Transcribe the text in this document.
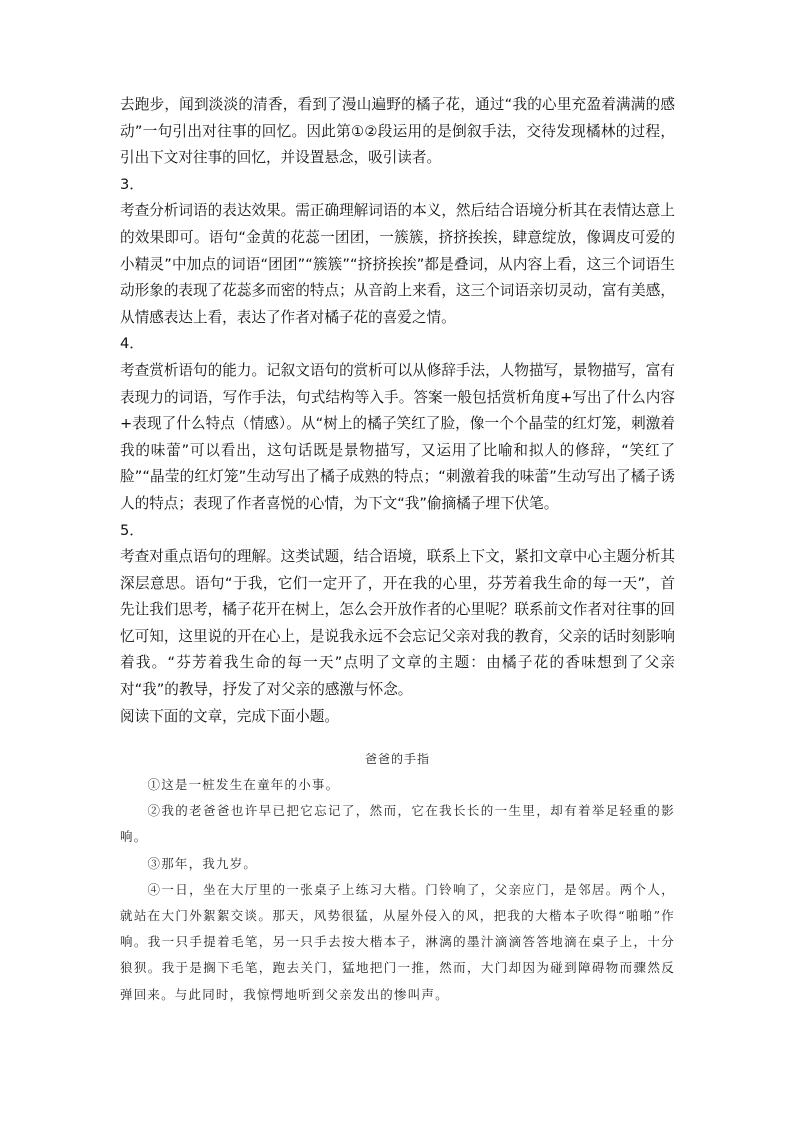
去跑步，闻到淡淡的清香，看到了漫山遍野的橘子花，通过“我的心里充盈着满满的感动”一句引出对往事的回忆。因此第①②段运用的是倒叙手法，交待发现橘林的过程，引出下文对往事的回忆，并设置悬念，吸引读者。

3．

考查分析词语的表达效果。需正确理解词语的本义，然后结合语境分析其在表情达意上的效果即可。语句“金黄的花蕊一团团，一簇簇，挤挤挨挨，肆意绽放，像调皮可爱的小精灵”中加点的词语“团团”“簇簇”“挤挤挨挨”都是叠词，从内容上看，这三个词语生动形象的表现了花蕊多而密的特点；从音韵上来看，这三个词语亲切灵动，富有美感，从情感表达上看，表达了作者对橘子花的喜爱之情。

4．

考查赏析语句的能力。记叙文语句的赏析可以从修辞手法，人物描写，景物描写，富有表现力的词语，写作手法，句式结构等入手。答案一般包括赏析角度+写出了什么内容+表现了什么特点（情感）。从“树上的橘子笑红了脸，像一个个晶莹的红灯笼，刺激着我的味蕾”可以看出，这句话既是景物描写，又运用了比喻和拟人的修辞，“笑红了脸”“晶莹的红灯笼”生动写出了橘子成熟的特点；“刺激着我的味蕾”生动写出了橘子诱人的特点；表现了作者喜悦的心情，为下文“我”偷摘橘子埋下伏笔。

5．

考查对重点语句的理解。这类试题，结合语境，联系上下文，紧扣文章中心主题分析其深层意思。语句“于我，它们一定开了，开在我的心里，芬芳着我生命的每一天”，首先让我们思考，橘子花开在树上，怎么会开放作者的心里呢？联系前文作者对往事的回忆可知，这里说的开在心上，是说我永远不会忘记父亲对我的教育，父亲的话时刻影响着我。“芬芳着我生命的每一天”点明了文章的主题：由橘子花的香味想到了父亲对“我”的教导，抒发了对父亲的感激与怀念。

阅读下面的文章，完成下面小题。

爸爸的手指

①这是一桩发生在童年的小事。

②我的老爸爸也许早已把它忘记了，然而，它在我长长的一生里，却有着举足轻重的影响。

③那年，我九岁。

④一日，坐在大厅里的一张桌子上练习大楷。门铃响了，父亲应门，是邻居。两个人，就站在大门外絮絮交谈。那天，风势很猛，从屋外侵入的风，把我的大楷本子吹得“啪啪”作响。我一只手提着毛笔，另一只手去按大楷本子，淋漓的墨汁滴滴答答地滴在桌子上，十分狼狈。我于是搁下毛笔，跑去关门，猛地把门一推，然而，大门却因为碰到障碍物而骤然反弹回来。与此同时，我惊愕地听到父亲发出的惨叫声。
